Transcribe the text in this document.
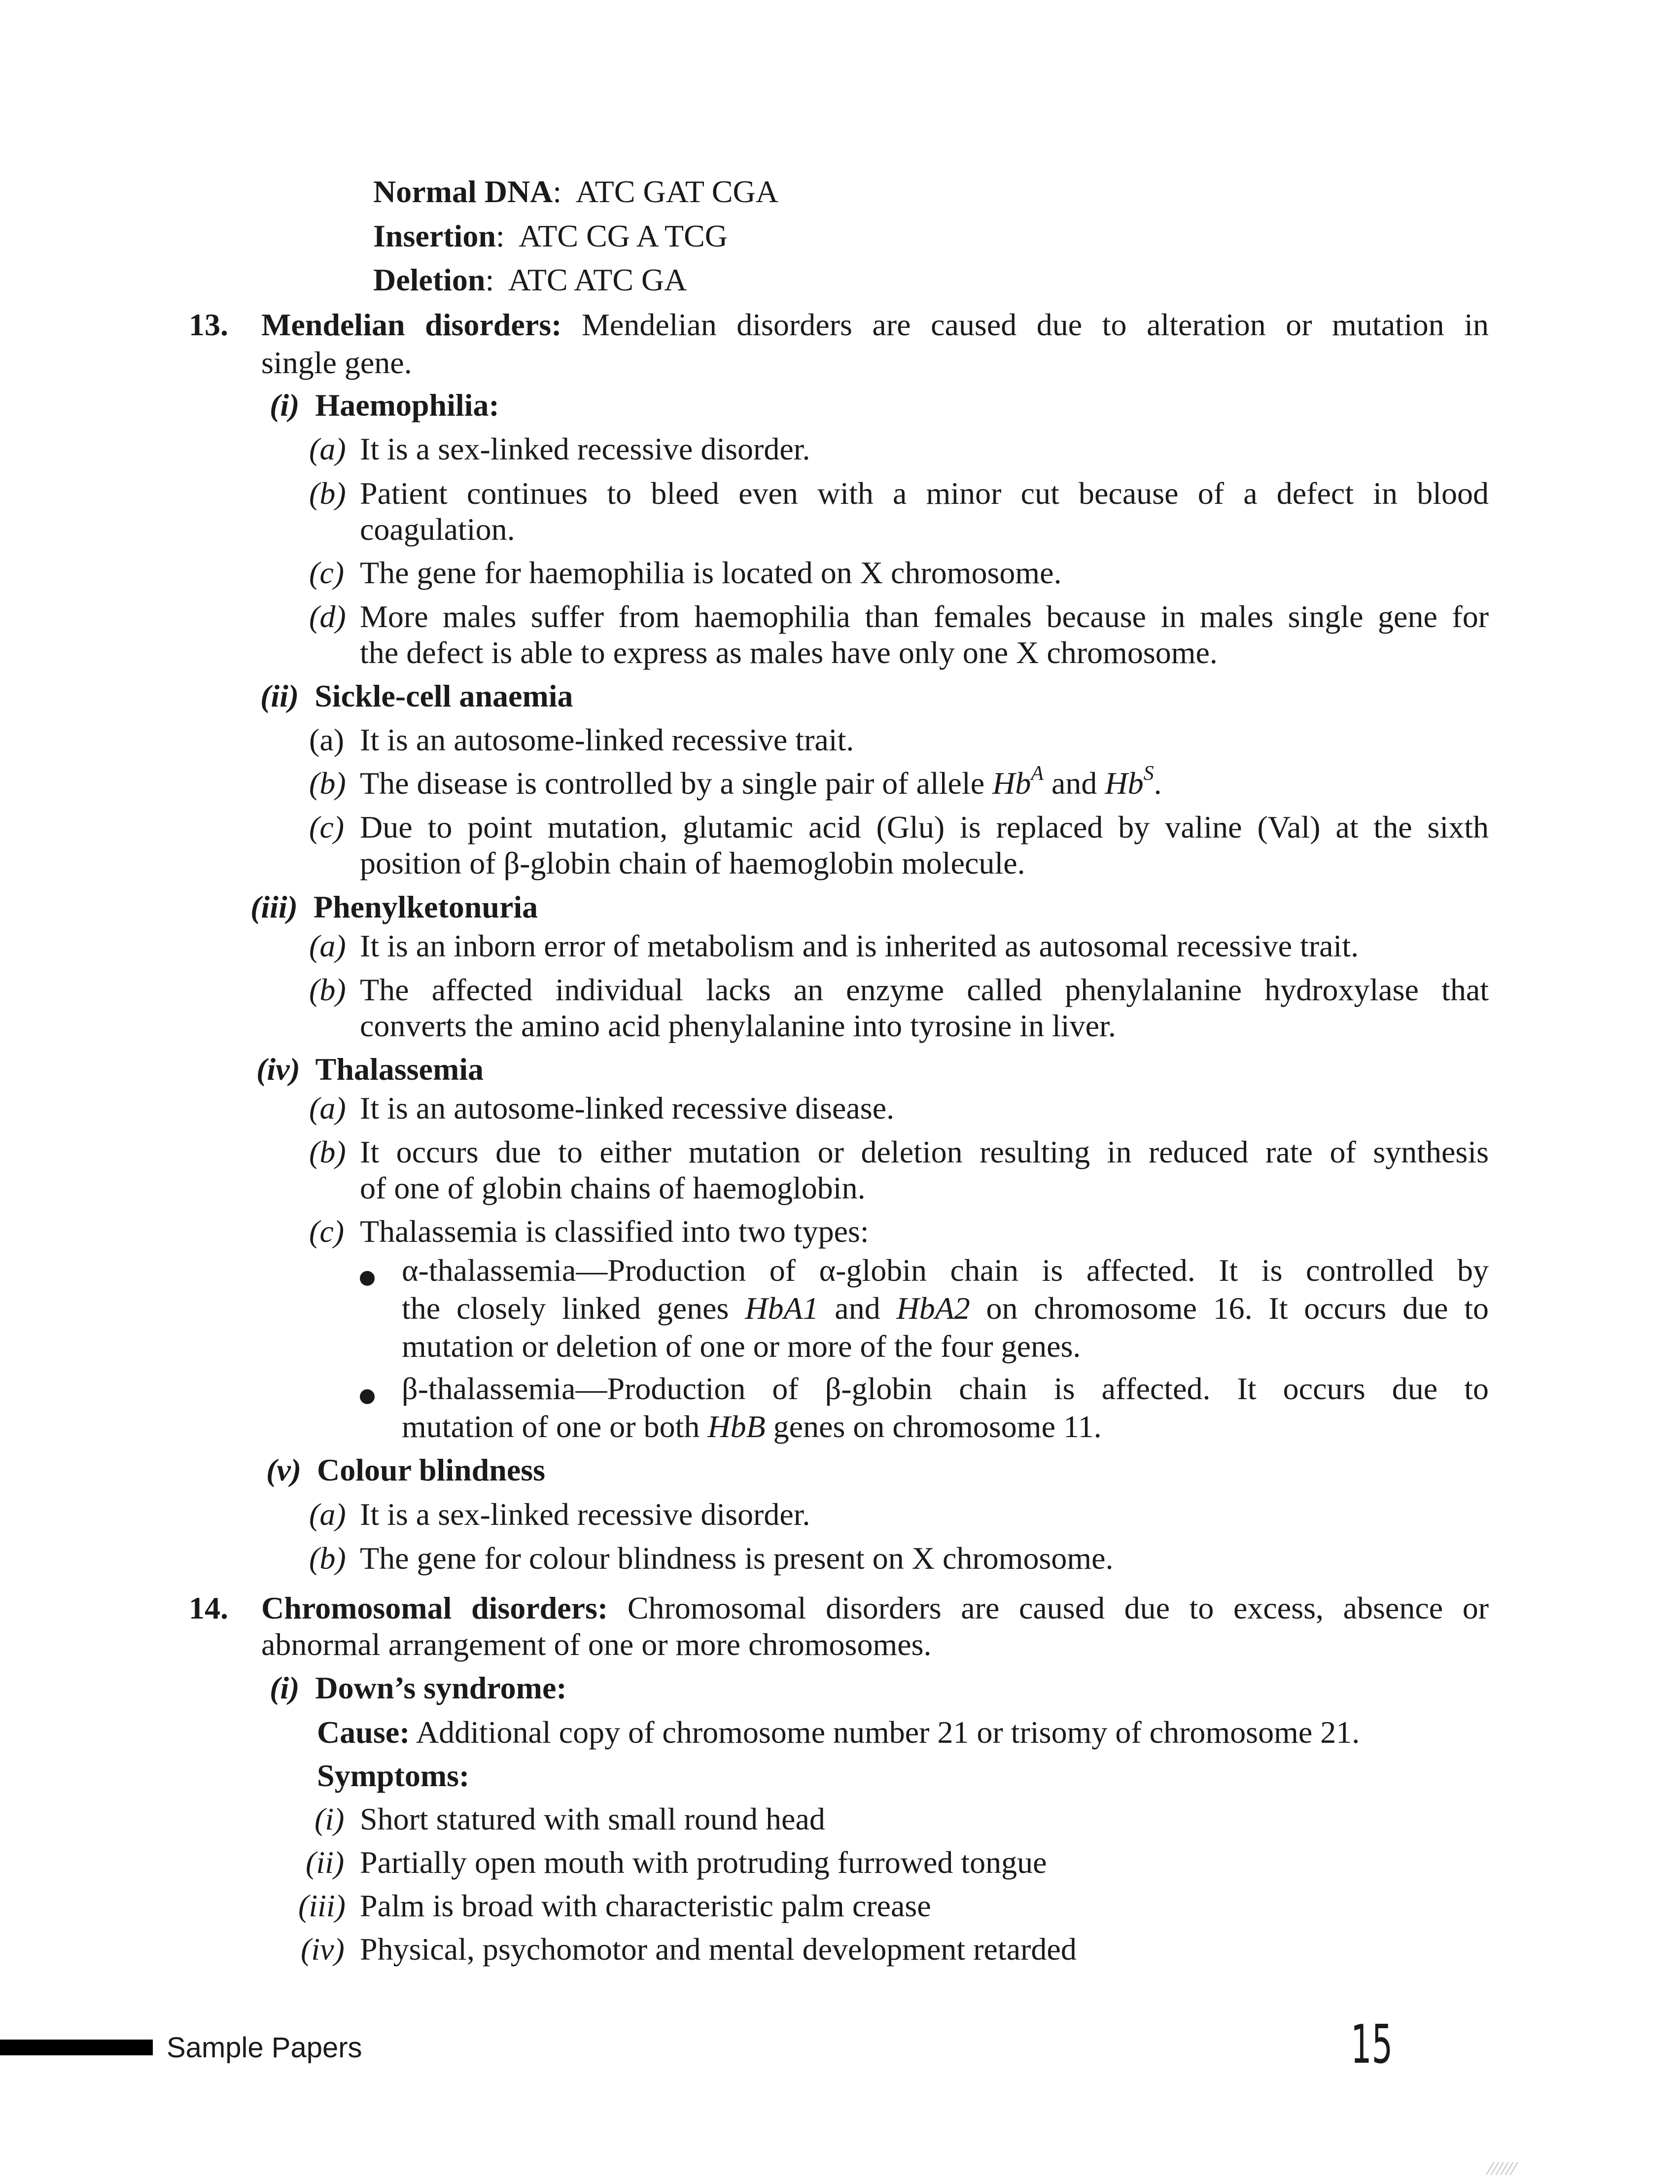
Normal DNA:  ATC GAT CGA
Insertion:  ATC CG A TCG
Deletion:  ATC ATC GA
13. Mendelian disorders: Mendelian disorders are caused due to alteration or mutation in
single gene.
(i) Haemophilia:
(a) It is a sex-linked recessive disorder.
(b) Patient continues to bleed even with a minor cut because of a defect in blood
coagulation.
(c) The gene for haemophilia is located on X chromosome.
(d) More males suffer from haemophilia than females because in males single gene for
the defect is able to express as males have only one X chromosome.
(ii) Sickle-cell anaemia
(a) It is an autosome-linked recessive trait.
(b) The disease is controlled by a single pair of allele $Hb^A$ and $Hb^S$.
(c) Due to point mutation, glutamic acid (Glu) is replaced by valine (Val) at the sixth
position of β-globin chain of haemoglobin molecule.
(iii) Phenylketonuria
(a) It is an inborn error of metabolism and is inherited as autosomal recessive trait.
(b) The affected individual lacks an enzyme called phenylalanine hydroxylase that
converts the amino acid phenylalanine into tyrosine in liver.
(iv) Thalassemia
(a) It is an autosome-linked recessive disease.
(b) It occurs due to either mutation or deletion resulting in reduced rate of synthesis
of one of globin chains of haemoglobin.
(c) Thalassemia is classified into two types:
α-thalassemia—Production of α-globin chain is affected. It is controlled by
the closely linked genes HbA1 and HbA2 on chromosome 16. It occurs due to
mutation or deletion of one or more of the four genes.
β-thalassemia—Production of β-globin chain is affected. It occurs due to
mutation of one or both HbB genes on chromosome 11.
(v) Colour blindness
(a) It is a sex-linked recessive disorder.
(b) The gene for colour blindness is present on X chromosome.
14. Chromosomal disorders: Chromosomal disorders are caused due to excess, absence or
abnormal arrangement of one or more chromosomes.
(i) Down’s syndrome:
Cause: Additional copy of chromosome number 21 or trisomy of chromosome 21.
Symptoms:
(i) Short statured with small round head
(ii) Partially open mouth with protruding furrowed tongue
(iii) Palm is broad with characteristic palm crease
(iv) Physical, psychomotor and mental development retarded
Sample Papers	15
⁄⁄⁄⁄⁄⁄
